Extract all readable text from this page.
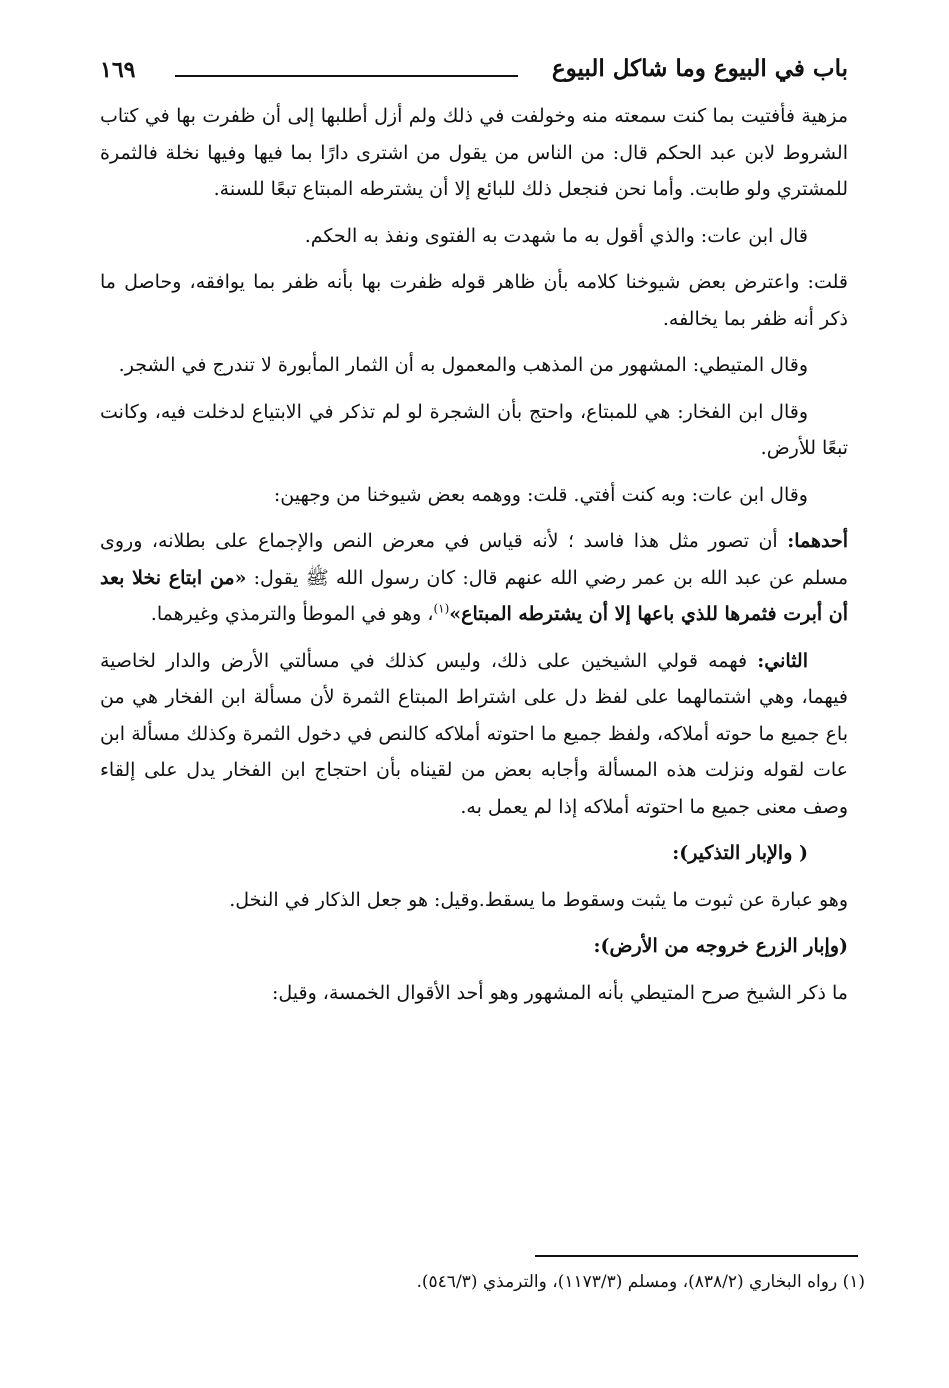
باب في البيوع وما شاكل البيوع
١٦٩

مزهية فأفتيت بما كنت سمعته منه وخولفت في ذلك ولم أزل أطلبها إلى أن ظفرت بها في كتاب الشروط لابن عبد الحكم قال: من الناس من يقول من اشترى دارًا بما فيها وفيها نخلة فالثمرة للمشتري ولو طابت. وأما نحن فنجعل ذلك للبائع إلا أن يشترطه المبتاع تبعًا للسنة.

قال ابن عات: والذي أقول به ما شهدت به الفتوى ونفذ به الحكم.

قلت: واعترض بعض شيوخنا كلامه بأن ظاهر قوله ظفرت بها بأنه ظفر بما يوافقه، وحاصل ما ذكر أنه ظفر بما يخالفه.

وقال المتيطي: المشهور من المذهب والمعمول به أن الثمار المأبورة لا تندرج في الشجر.

وقال ابن الفخار: هي للمبتاع، واحتج بأن الشجرة لو لم تذكر في الابتياع لدخلت فيه، وكانت تبعًا للأرض.

وقال ابن عات: وبه كنت أفتي. قلت: ووهمه بعض شيوخنا من وجهين:

أحدهما: أن تصور مثل هذا فاسد ؛ لأنه قياس في معرض النص والإجماع على بطلانه، وروى مسلم عن عبد الله بن عمر رضي الله عنهم قال: كان رسول الله ﷺ يقول: «من ابتاع نخلا بعد أن أبرت فثمرها للذي باعها إلا أن يشترطه المبتاع»$^{(١)}$، وهو في الموطأ والترمذي وغيرهما.

الثاني: فهمه قولي الشيخين على ذلك، وليس كذلك في مسألتي الأرض والدار لخاصية فيهما، وهي اشتمالهما على لفظ دل على اشتراط المبتاع الثمرة لأن مسألة ابن الفخار هي من باع جميع ما حوته أملاكه، ولفظ جميع ما احتوته أملاكه كالنص في دخول الثمرة وكذلك مسألة ابن عات لقوله ونزلت هذه المسألة وأجابه بعض من لقيناه بأن احتجاج ابن الفخار يدل على إلقاء وصف معنى جميع ما احتوته أملاكه إذا لم يعمل به.

( والإبار التذكير):

وهو عبارة عن ثبوت ما يثبت وسقوط ما يسقط.وقيل: هو جعل الذكار في النخل.

(وإبار الزرع خروجه من الأرض):

ما ذكر الشيخ صرح المتيطي بأنه المشهور وهو أحد الأقوال الخمسة، وقيل:

(١) رواه البخاري (٨٣٨/٢)، ومسلم (١١٧٣/٣)، والترمذي (٥٤٦/٣).
